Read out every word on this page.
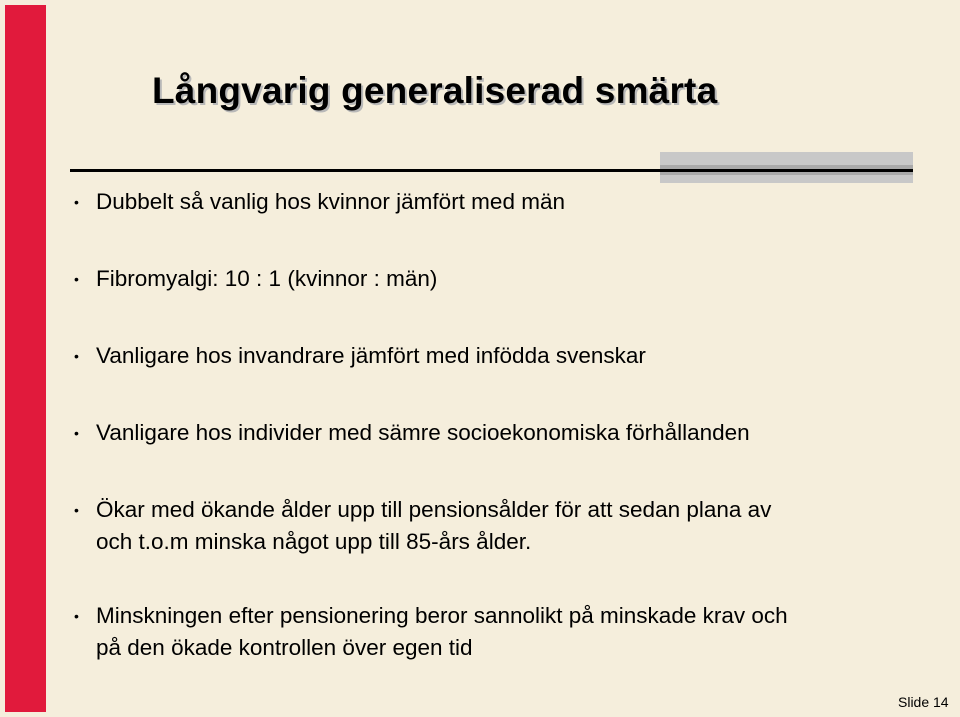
Långvarig generaliserad smärta
• Dubbelt så vanlig hos kvinnor jämfört med män
• Fibromyalgi: 10 : 1 (kvinnor : män)
• Vanligare hos invandrare jämfört med infödda svenskar
• Vanligare hos individer med sämre socioekonomiska förhållanden
• Ökar med ökande ålder upp till pensionsålder för att sedan plana av
och t.o.m minska något upp till 85-års ålder.
• Minskningen efter pensionering beror sannolikt på minskade krav och
på den ökade kontrollen över egen tid
Slide 14
